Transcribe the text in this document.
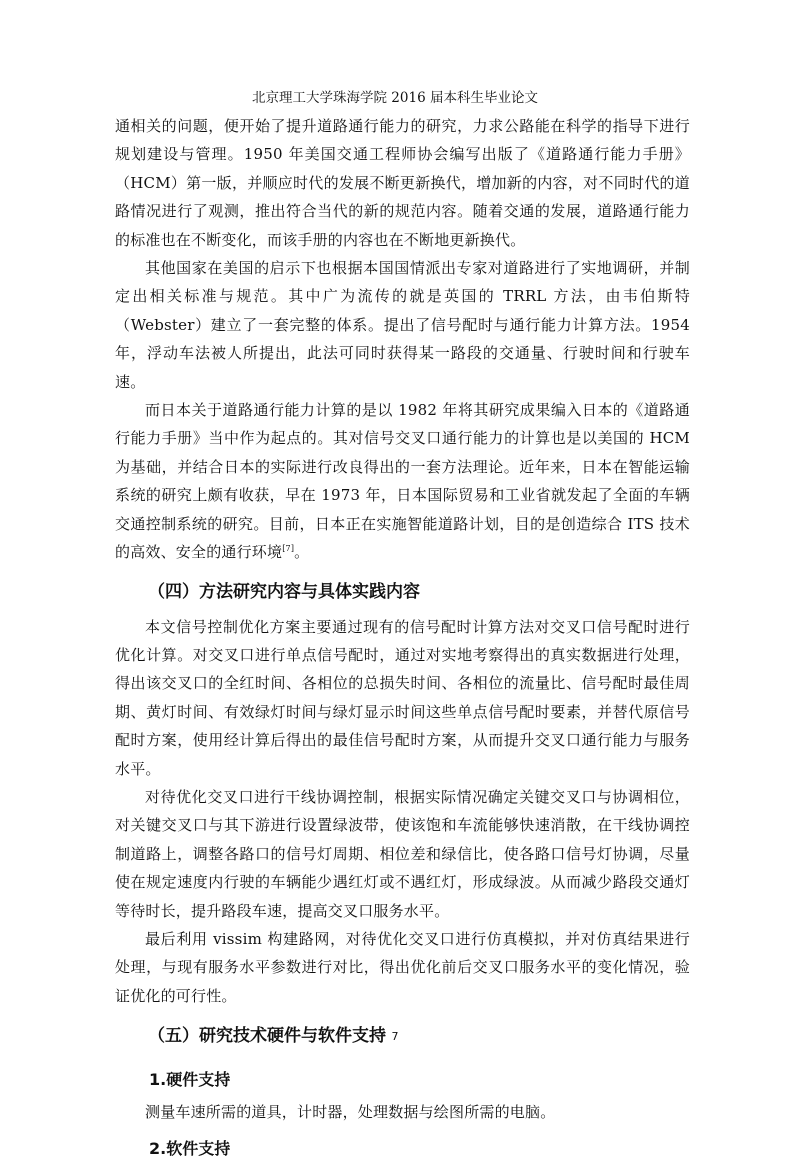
北京理工大学珠海学院 2016 届本科生毕业论文

通相关的问题，便开始了提升道路通行能力的研究，力求公路能在科学的指导下进行规划建设与管理。1950 年美国交通工程师协会编写出版了《道路通行能力手册》（HCM）第一版，并顺应时代的发展不断更新换代，增加新的内容，对不同时代的道路情况进行了观测，推出符合当代的新的规范内容。随着交通的发展，道路通行能力的标准也在不断变化，而该手册的内容也在不断地更新换代。

其他国家在美国的启示下也根据本国国情派出专家对道路进行了实地调研，并制定出相关标准与规范。其中广为流传的就是英国的 TRRL 方法，由韦伯斯特（Webster）建立了一套完整的体系。提出了信号配时与通行能力计算方法。1954 年，浮动车法被人所提出，此法可同时获得某一路段的交通量、行驶时间和行驶车速。

而日本关于道路通行能力计算的是以 1982 年将其研究成果编入日本的《道路通行能力手册》当中作为起点的。其对信号交叉口通行能力的计算也是以美国的 HCM 为基础，并结合日本的实际进行改良得出的一套方法理论。近年来，日本在智能运输系统的研究上颇有收获，早在 1973 年，日本国际贸易和工业省就发起了全面的车辆交通控制系统的研究。目前，日本正在实施智能道路计划，目的是创造综合 ITS 技术的高效、安全的通行环境[7]。

（四）方法研究内容与具体实践内容

本文信号控制优化方案主要通过现有的信号配时计算方法对交叉口信号配时进行优化计算。对交叉口进行单点信号配时，通过对实地考察得出的真实数据进行处理，得出该交叉口的全红时间、各相位的总损失时间、各相位的流量比、信号配时最佳周期、黄灯时间、有效绿灯时间与绿灯显示时间这些单点信号配时要素，并替代原信号配时方案，使用经计算后得出的最佳信号配时方案，从而提升交叉口通行能力与服务水平。

对待优化交叉口进行干线协调控制，根据实际情况确定关键交叉口与协调相位，对关键交叉口与其下游进行设置绿波带，使该饱和车流能够快速消散，在干线协调控制道路上，调整各路口的信号灯周期、相位差和绿信比，使各路口信号灯协调，尽量使在规定速度内行驶的车辆能少遇红灯或不遇红灯，形成绿波。从而减少路段交通灯等待时长，提升路段车速，提高交叉口服务水平。

最后利用 vissim 构建路网，对待优化交叉口进行仿真模拟，并对仿真结果进行处理，与现有服务水平参数进行对比，得出优化前后交叉口服务水平的变化情况，验证优化的可行性。

（五）研究技术硬件与软件支持
1.硬件支持

测量车速所需的道具，计时器，处理数据与绘图所需的电脑。

2.软件支持
7
